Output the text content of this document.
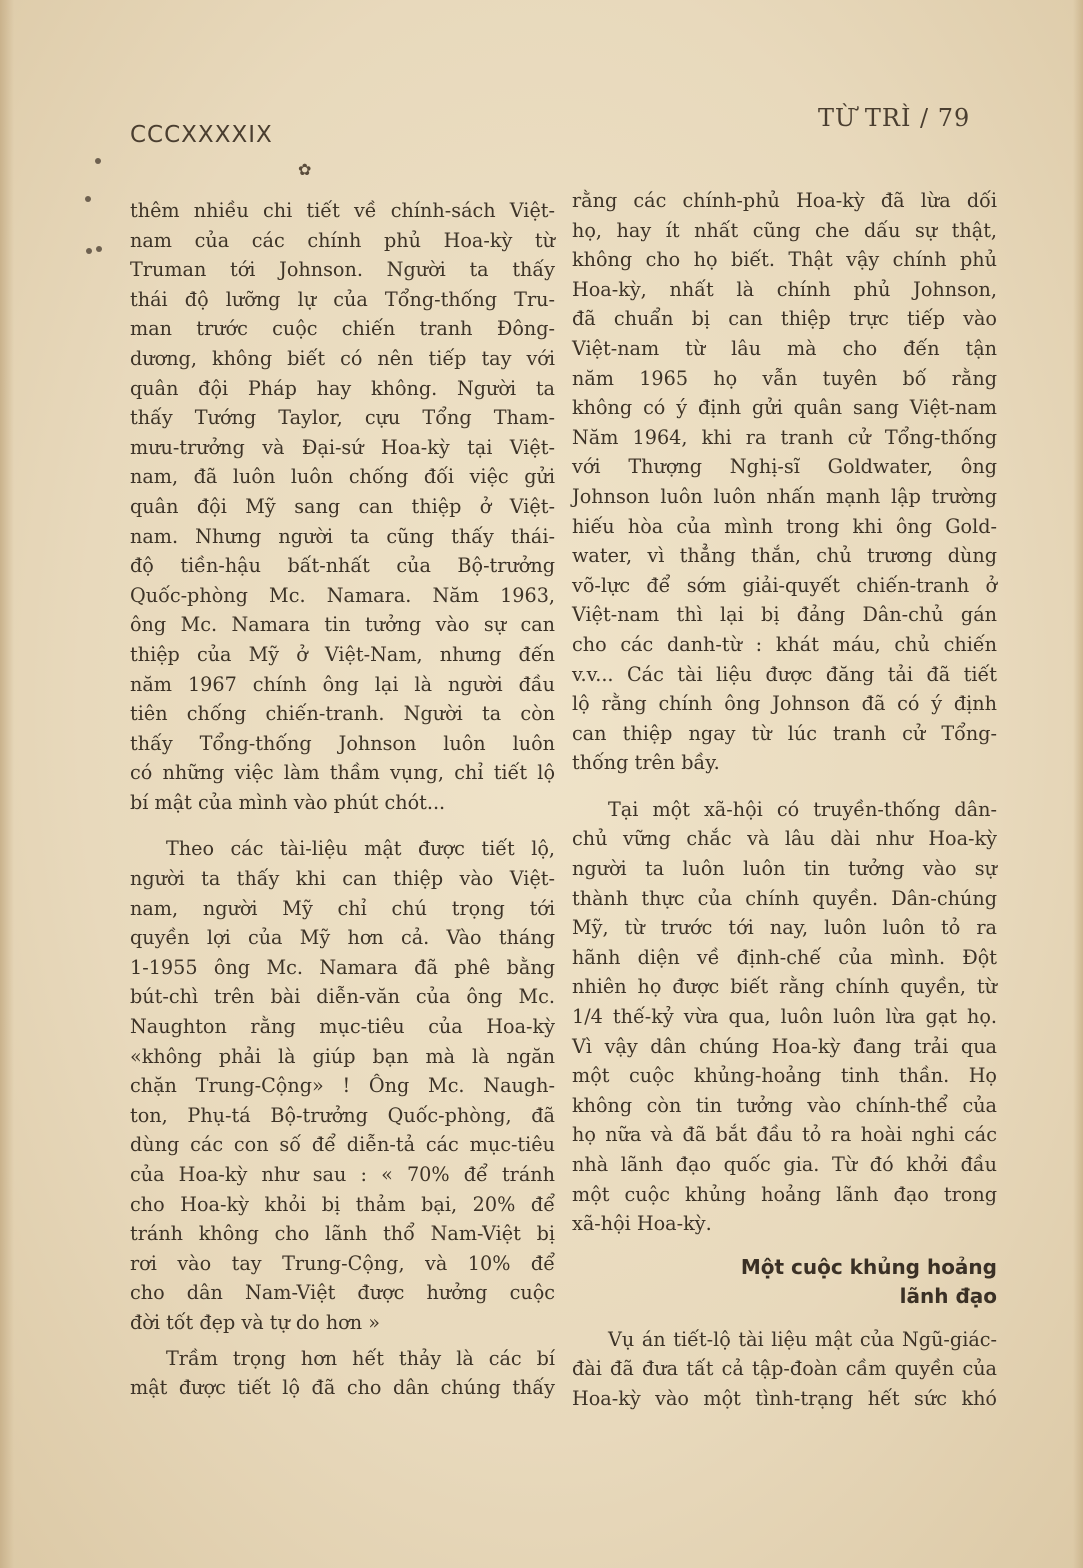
CCCXXXXIX
TỪ TRÌ / 79
✿
thêm nhiều chi tiết về chính-sách Việt-
nam của các chính phủ Hoa-kỳ từ
Truman tới Johnson. Người ta thấy
thái độ lưỡng lự của Tổng-thống Tru-
man trước cuộc chiến tranh Đông-
dương, không biết có nên tiếp tay với
quân đội Pháp hay không. Người ta
thấy Tướng Taylor, cựu Tổng Tham-
mưu-trưởng và Đại-sứ Hoa-kỳ tại Việt-
nam, đã luôn luôn chống đối việc gửi
quân đội Mỹ sang can thiệp ở Việt-
nam. Nhưng người ta cũng thấy thái-
độ tiền-hậu bất-nhất của Bộ-trưởng
Quốc-phòng Mc. Namara. Năm 1963,
ông Mc. Namara tin tưởng vào sự can
thiệp của Mỹ ở Việt-Nam, nhưng đến
năm 1967 chính ông lại là người đầu
tiên chống chiến-tranh. Người ta còn
thấy Tổng-thống Johnson luôn luôn
có những việc làm thầm vụng, chỉ tiết lộ
bí mật của mình vào phút chót...
Theo các tài-liệu mật được tiết lộ,
người ta thấy khi can thiệp vào Việt-
nam, người Mỹ chỉ chú trọng tới
quyền lợi của Mỹ hơn cả. Vào tháng
1-1955 ông Mc. Namara đã phê bằng
bút-chì trên bài diễn-văn của ông Mc.
Naughton rằng mục-tiêu của Hoa-kỳ
«không phải là giúp bạn mà là ngăn
chặn Trung-Cộng» ! Ông Mc. Naugh-
ton, Phụ-tá Bộ-trưởng Quốc-phòng, đã
dùng các con số để diễn-tả các mục-tiêu
của Hoa-kỳ như sau : « 70% để tránh
cho Hoa-kỳ khỏi bị thảm bại, 20% để
tránh không cho lãnh thổ Nam-Việt bị
rơi vào tay Trung-Cộng, và 10% để
cho dân Nam-Việt được hưởng cuộc
đời tốt đẹp và tự do hơn »
Trầm trọng hơn hết thảy là các bí
mật được tiết lộ đã cho dân chúng thấy
rằng các chính-phủ Hoa-kỳ đã lừa dối
họ, hay ít nhất cũng che dấu sự thật,
không cho họ biết. Thật vậy chính phủ
Hoa-kỳ, nhất là chính phủ Johnson,
đã chuẩn bị can thiệp trực tiếp vào
Việt-nam từ lâu mà cho đến tận
năm 1965 họ vẫn tuyên bố rằng
không có ý định gửi quân sang Việt-nam
Năm 1964, khi ra tranh cử Tổng-thống
với Thượng Nghị-sĩ Goldwater, ông
Johnson luôn luôn nhấn mạnh lập trường
hiếu hòa của mình trong khi ông Gold-
water, vì thẳng thắn, chủ trương dùng
võ-lực để sớm giải-quyết chiến-tranh ở
Việt-nam thì lại bị đảng Dân-chủ gán
cho các danh-từ : khát máu, chủ chiến
v.v... Các tài liệu được đăng tải đã tiết
lộ rằng chính ông Johnson đã có ý định
can thiệp ngay từ lúc tranh cử Tổng-
thống trên bầy.
Tại một xã-hội có truyền-thống dân-
chủ vững chắc và lâu dài như Hoa-kỳ
người ta luôn luôn tin tưởng vào sự
thành thực của chính quyền. Dân-chúng
Mỹ, từ trước tới nay, luôn luôn tỏ ra
hãnh diện về định-chế của mình. Đột
nhiên họ được biết rằng chính quyền, từ
1/4 thế-kỷ vừa qua, luôn luôn lừa gạt họ.
Vì vậy dân chúng Hoa-kỳ đang trải qua
một cuộc khủng-hoảng tinh thần. Họ
không còn tin tưởng vào chính-thể của
họ nữa và đã bắt đầu tỏ ra hoài nghi các
nhà lãnh đạo quốc gia. Từ đó khởi đầu
một cuộc khủng hoảng lãnh đạo trong
xã-hội Hoa-kỳ.
Một cuộc khủng hoảng
lãnh đạo
Vụ án tiết-lộ tài liệu mật của Ngũ-giác-
đài đã đưa tất cả tập-đoàn cầm quyền của
Hoa-kỳ vào một tình-trạng hết sức khó
